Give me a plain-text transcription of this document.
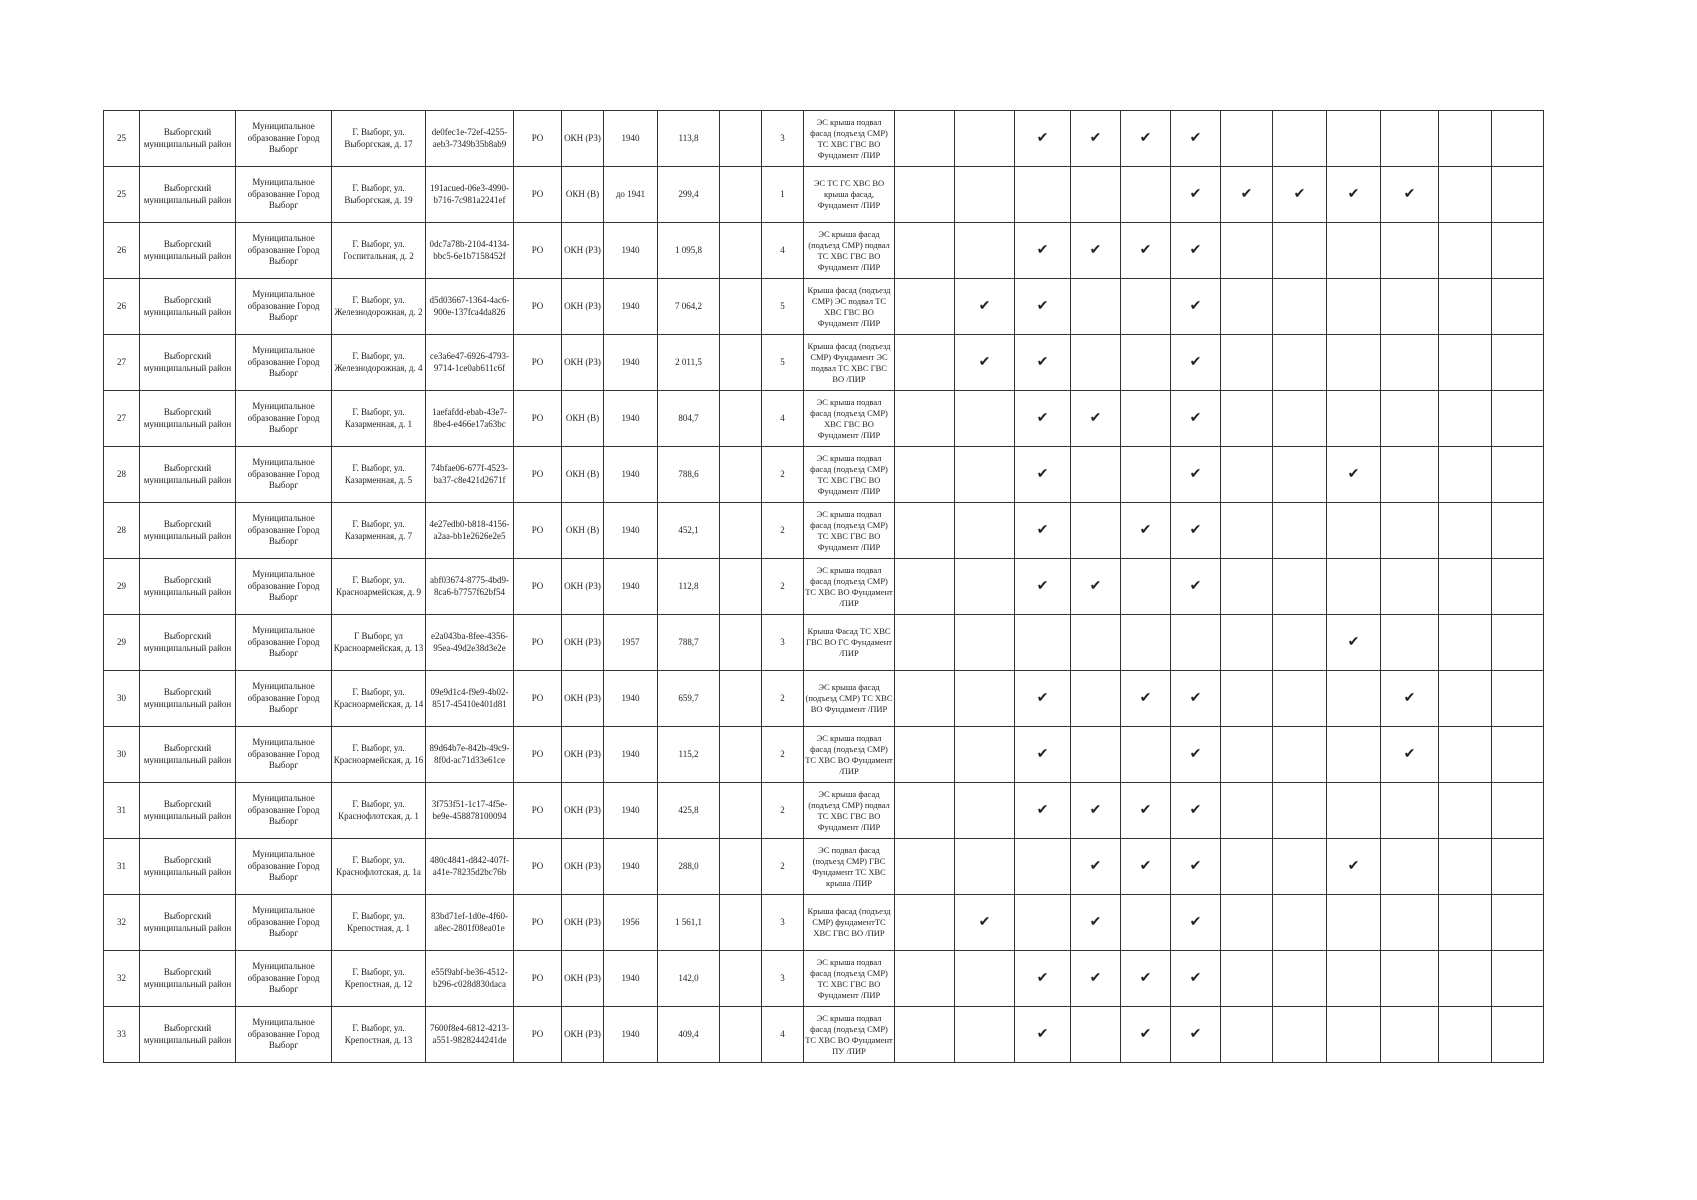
25	Выборгский муниципальный район	Муниципальное образование Город Выборг	Г. Выборг, ул. Выборгская, д. 17	de0fec1e-72ef-4255-aeb3-7349b35b8ab9	РО	ОКН (РЗ)	1940	113,8		3	ЭС крыша подвал фасад (подъезд СМР) ТС ХВС ГВС ВО Фундамент /ПИР			✔	✔	✔	✔						
25	Выборгский муниципальный район	Муниципальное образование Город Выборг	Г. Выборг, ул. Выборгская, д. 19	191acued-06e3-4990-b716-7c981a2241ef	РО	ОКН (В)	до 1941	299,4		1	ЭС ТС ГС ХВС ВО крыша фасад, Фундамент /ПИР						✔	✔	✔	✔	✔		
26	Выборгский муниципальный район	Муниципальное образование Город Выборг	Г. Выборг, ул. Госпитальная, д. 2	0dc7a78b-2104-4134-bbc5-6e1b7158452f	РО	ОКН (РЗ)	1940	1 095,8		4	ЭС крыша фасад (подъезд СМР) подвал ТС ХВС ГВС ВО Фундамент /ПИР			✔	✔	✔	✔						
26	Выборгский муниципальный район	Муниципальное образование Город Выборг	Г. Выборг, ул. Железнодорожная, д. 2	d5d03667-1364-4ac6-900e-137fca4da826	РО	ОКН (РЗ)	1940	7 064,2		5	Крыша фасад (подъезд СМР) ЭС подвал ТС ХВС ГВС ВО Фундамент /ПИР		✔	✔			✔						
27	Выборгский муниципальный район	Муниципальное образование Город Выборг	Г. Выборг, ул. Железнодорожная, д. 4	ce3a6e47-6926-4793-9714-1ce0ab611c6f	РО	ОКН (РЗ)	1940	2 011,5		5	Крыша фасад (подъезд СМР) Фундамент ЭС подвал ТС ХВС ГВС ВО /ПИР		✔	✔			✔						
27	Выборгский муниципальный район	Муниципальное образование Город Выборг	Г. Выборг, ул. Казарменная, д. 1	1aefafdd-ebab-43e7-8be4-e466e17a63bc	РО	ОКН (В)	1940	804,7		4	ЭС крыша подвал фасад (подъезд СМР) ХВС ГВС ВО Фундамент /ПИР			✔	✔		✔						
28	Выборгский муниципальный район	Муниципальное образование Город Выборг	Г. Выборг, ул. Казарменная, д. 5	74bfae06-677f-4523-ba37-c8e421d2671f	РО	ОКН (В)	1940	788,6		2	ЭС крыша подвал фасад (подъезд СМР) ТС ХВС ГВС ВО Фундамент /ПИР			✔			✔			✔			
28	Выборгский муниципальный район	Муниципальное образование Город Выборг	Г. Выборг, ул. Казарменная, д. 7	4e27edb0-b818-4156-a2aa-bb1e2626e2e5	РО	ОКН (В)	1940	452,1		2	ЭС крыша подвал фасад (подъезд СМР) ТС ХВС ГВС ВО Фундамент /ПИР			✔		✔	✔						
29	Выборгский муниципальный район	Муниципальное образование Город Выборг	Г. Выборг, ул. Красноармейская, д. 9	abf03674-8775-4bd9-8ca6-b7757f62bf54	РО	ОКН (РЗ)	1940	112,8		2	ЭС крыша подвал фасад (подъезд СМР) ТС ХВС ВО Фундамент /ПИР			✔	✔		✔						
29	Выборгский муниципальный район	Муниципальное образование Город Выборг	Г Выборг, ул Красноармейская, д. 13	e2a043ba-8fee-4356-95ea-49d2e38d3e2e	РО	ОКН (РЗ)	1957	788,7		3	Крыша Фасад ТС ХВС ГВС ВО ГС Фундамент /ПИР									✔			
30	Выборгский муниципальный район	Муниципальное образование Город Выборг	Г. Выборг, ул. Красноармейская, д. 14	09e9d1c4-f9e9-4b02-8517-45410e401d81	РО	ОКН (РЗ)	1940	659,7		2	ЭС крыша фасад (подъезд СМР) ТС ХВС ВО Фундамент /ПИР			✔		✔	✔				✔		
30	Выборгский муниципальный район	Муниципальное образование Город Выборг	Г. Выборг, ул. Красноармейская, д. 16	89d64b7e-842b-49c9-8f0d-ac71d33e61ce	РО	ОКН (РЗ)	1940	115,2		2	ЭС крыша подвал фасад (подъезд СМР) ТС ХВС ВО Фундамент /ПИР			✔			✔				✔		
31	Выборгский муниципальный район	Муниципальное образование Город Выборг	Г. Выборг, ул. Краснофлотская, д. 1	3f753f51-1c17-4f5e-be9e-458878100094	РО	ОКН (РЗ)	1940	425,8		2	ЭС крыша фасад (подъезд СМР) подвал ТС ХВС ГВС ВО Фундамент /ПИР			✔	✔	✔	✔						
31	Выборгский муниципальный район	Муниципальное образование Город Выборг	Г. Выборг, ул. Краснофлотская, д. 1а	480c4841-d842-407f-a41e-78235d2bc76b	РО	ОКН (РЗ)	1940	288,0		2	ЭС подвал фасад (подъезд СМР) ГВС Фундамент ТС ХВС крыша /ПИР				✔	✔	✔			✔			
32	Выборгский муниципальный район	Муниципальное образование Город Выборг	Г. Выборг, ул. Крепостная, д. 1	83bd71ef-1d0e-4f60-a8ec-2801f08ea01e	РО	ОКН (РЗ)	1956	1 561,1		3	Крыша фасад (подъезд СМР) фундаментТС ХВС ГВС ВО /ПИР		✔		✔		✔						
32	Выборгский муниципальный район	Муниципальное образование Город Выборг	Г. Выборг, ул. Крепостная, д. 12	e55f9abf-be36-4512-b296-c028d830daca	РО	ОКН (РЗ)	1940	142,0		3	ЭС крыша подвал фасад (подъезд СМР) ТС ХВС ГВС ВО Фундамент /ПИР			✔	✔	✔	✔						
33	Выборгский муниципальный район	Муниципальное образование Город Выборг	Г. Выборг, ул. Крепостная, д. 13	7600f8e4-6812-4213-a551-9828244241de	РО	ОКН (РЗ)	1940	409,4		4	ЭС крыша подвал фасад (подъезд СМР) ТС ХВС ВО Фундамент ПУ /ПИР			✔		✔	✔						
